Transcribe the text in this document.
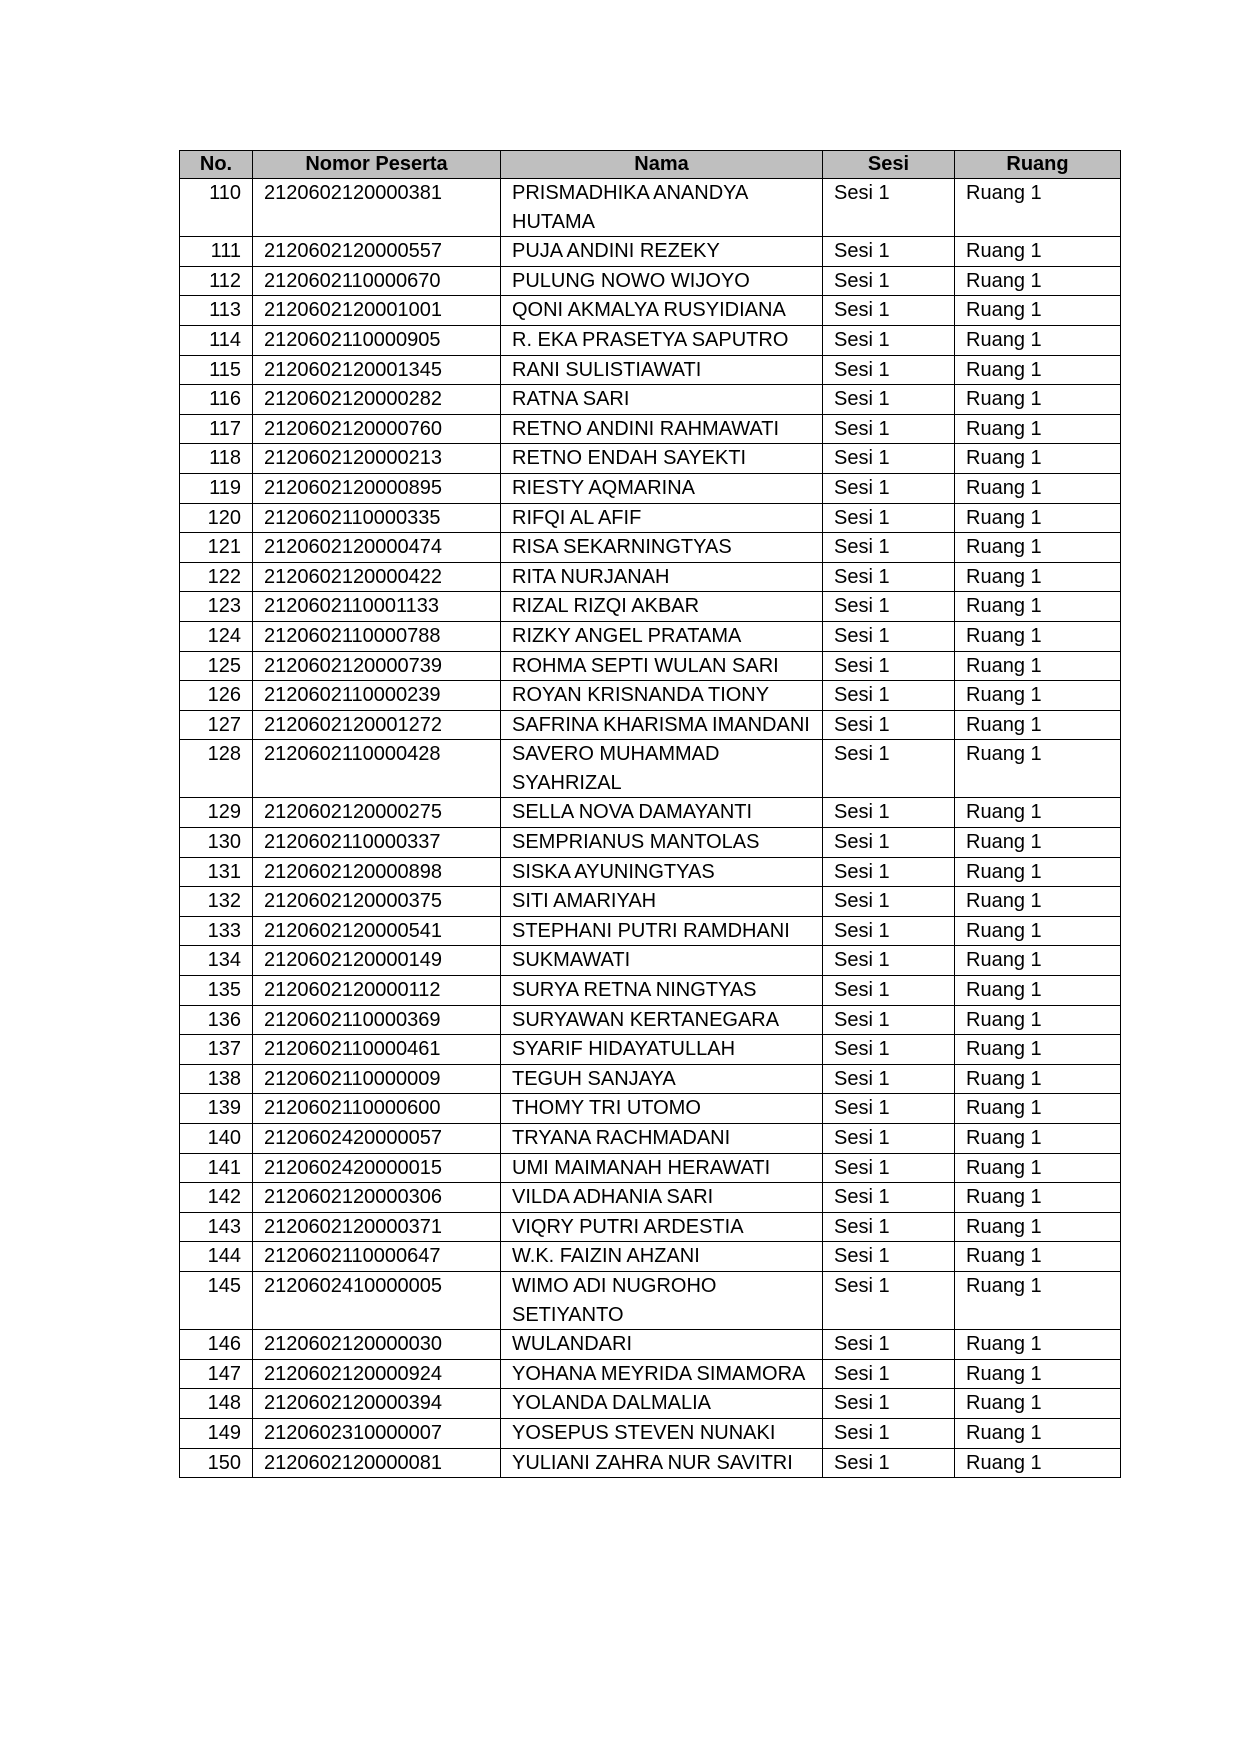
No.	Nomor Peserta	Nama	Sesi	Ruang
110	2120602120000381	PRISMADHIKA ANANDYA HUTAMA	Sesi 1	Ruang 1
111	2120602120000557	PUJA ANDINI REZEKY	Sesi 1	Ruang 1
112	2120602110000670	PULUNG NOWO WIJOYO	Sesi 1	Ruang 1
113	2120602120001001	QONI AKMALYA RUSYIDIANA	Sesi 1	Ruang 1
114	2120602110000905	R. EKA PRASETYA SAPUTRO	Sesi 1	Ruang 1
115	2120602120001345	RANI SULISTIAWATI	Sesi 1	Ruang 1
116	2120602120000282	RATNA SARI	Sesi 1	Ruang 1
117	2120602120000760	RETNO ANDINI RAHMAWATI	Sesi 1	Ruang 1
118	2120602120000213	RETNO ENDAH SAYEKTI	Sesi 1	Ruang 1
119	2120602120000895	RIESTY AQMARINA	Sesi 1	Ruang 1
120	2120602110000335	RIFQI AL AFIF	Sesi 1	Ruang 1
121	2120602120000474	RISA SEKARNINGTYAS	Sesi 1	Ruang 1
122	2120602120000422	RITA NURJANAH	Sesi 1	Ruang 1
123	2120602110001133	RIZAL RIZQI AKBAR	Sesi 1	Ruang 1
124	2120602110000788	RIZKY ANGEL PRATAMA	Sesi 1	Ruang 1
125	2120602120000739	ROHMA SEPTI WULAN SARI	Sesi 1	Ruang 1
126	2120602110000239	ROYAN KRISNANDA TIONY	Sesi 1	Ruang 1
127	2120602120001272	SAFRINA KHARISMA IMANDANI	Sesi 1	Ruang 1
128	2120602110000428	SAVERO MUHAMMAD SYAHRIZAL	Sesi 1	Ruang 1
129	2120602120000275	SELLA NOVA DAMAYANTI	Sesi 1	Ruang 1
130	2120602110000337	SEMPRIANUS MANTOLAS	Sesi 1	Ruang 1
131	2120602120000898	SISKA AYUNINGTYAS	Sesi 1	Ruang 1
132	2120602120000375	SITI AMARIYAH	Sesi 1	Ruang 1
133	2120602120000541	STEPHANI PUTRI RAMDHANI	Sesi 1	Ruang 1
134	2120602120000149	SUKMAWATI	Sesi 1	Ruang 1
135	2120602120000112	SURYA RETNA NINGTYAS	Sesi 1	Ruang 1
136	2120602110000369	SURYAWAN KERTANEGARA	Sesi 1	Ruang 1
137	2120602110000461	SYARIF HIDAYATULLAH	Sesi 1	Ruang 1
138	2120602110000009	TEGUH SANJAYA	Sesi 1	Ruang 1
139	2120602110000600	THOMY TRI UTOMO	Sesi 1	Ruang 1
140	2120602420000057	TRYANA RACHMADANI	Sesi 1	Ruang 1
141	2120602420000015	UMI MAIMANAH HERAWATI	Sesi 1	Ruang 1
142	2120602120000306	VILDA ADHANIA SARI	Sesi 1	Ruang 1
143	2120602120000371	VIQRY PUTRI ARDESTIA	Sesi 1	Ruang 1
144	2120602110000647	W.K. FAIZIN AHZANI	Sesi 1	Ruang 1
145	2120602410000005	WIMO ADI NUGROHO SETIYANTO	Sesi 1	Ruang 1
146	2120602120000030	WULANDARI	Sesi 1	Ruang 1
147	2120602120000924	YOHANA MEYRIDA SIMAMORA	Sesi 1	Ruang 1
148	2120602120000394	YOLANDA DALMALIA	Sesi 1	Ruang 1
149	2120602310000007	YOSEPUS STEVEN NUNAKI	Sesi 1	Ruang 1
150	2120602120000081	YULIANI ZAHRA NUR SAVITRI	Sesi 1	Ruang 1
